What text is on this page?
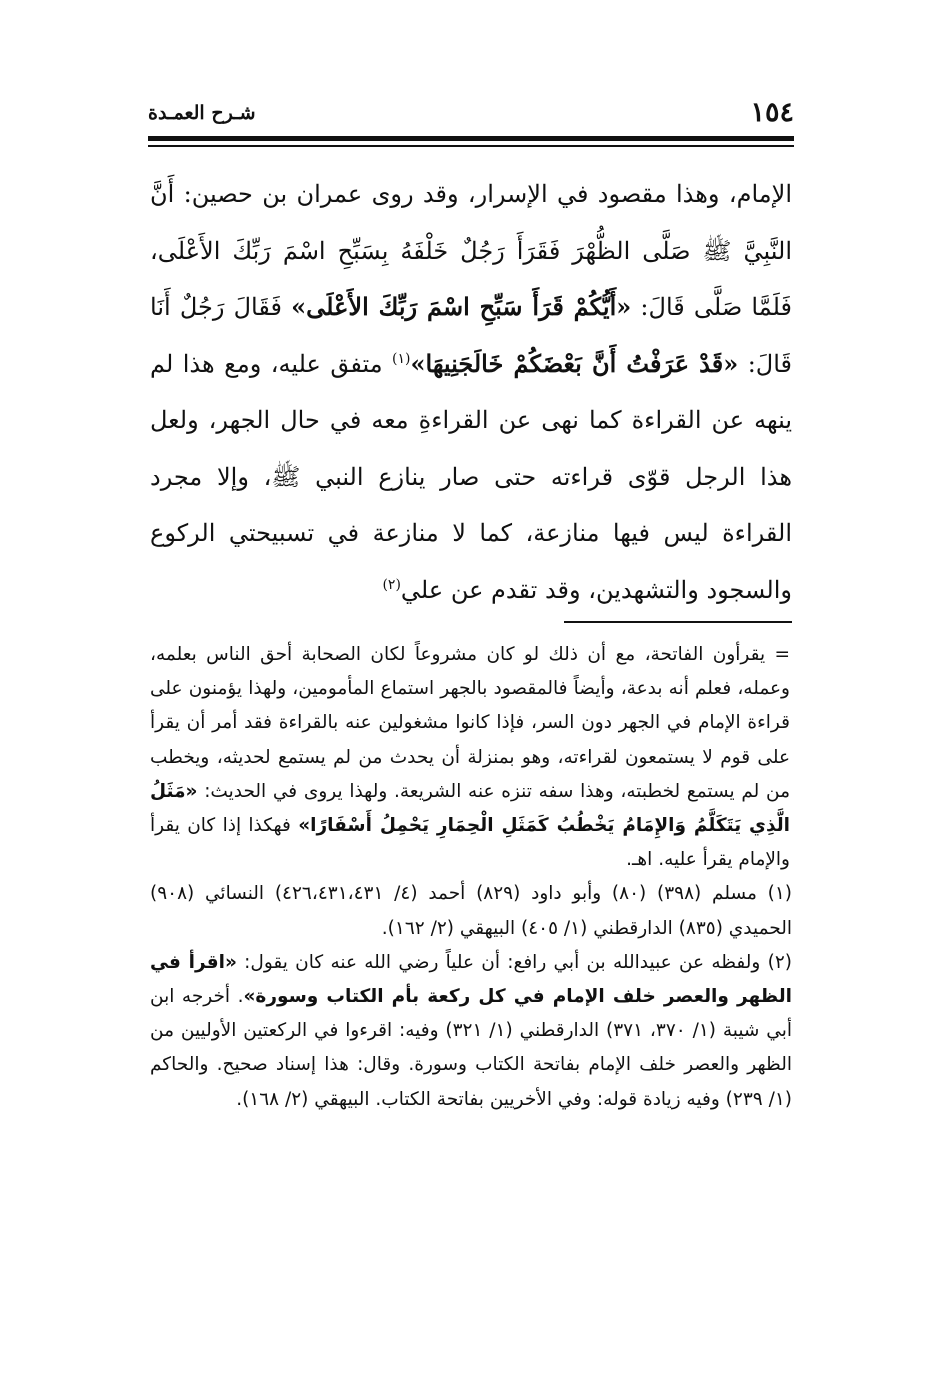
١٥٤
شـرح العمـدة

الإمام، وهذا مقصود في الإسرار، وقد روى عمران بن حصين: أَنَّ النَّبِيَّ ﷺ صَلَّى الظُّهْرَ فَقَرَأَ رَجُلٌ خَلْفَهُ بِسَبِّحِ اسْمَ رَبِّكَ الأَعْلَى، فَلَمَّا صَلَّى قَالَ: «أَيُّكُمْ قَرَأَ سَبِّحِ اسْمَ رَبِّكَ الأَعْلَى» فَقَالَ رَجُلٌ أَنَا قَالَ: «قَدْ عَرَفْتُ أَنَّ بَعْضَكُمْ خَالَجَنِيهَا»$^{(١)}$ متفق عليه، ومع هذا لم ينهه عن القراءة كما نهى عن القراءةِ معه في حال الجهر، ولعل هذا الرجل قوّى قراءته حتى صار ينازع النبي ﷺ، وإلا مجرد القراءة ليس فيها منازعة، كما لا منازعة في تسبيحتي الركوع والسجود والتشهدين، وقد تقدم عن علي$^{(٢)}$

= يقرأون الفاتحة، مع أن ذلك لو كان مشروعاً لكان الصحابة أحق الناس بعلمه، وعمله، فعلم أنه بدعة، وأيضاً فالمقصود بالجهر استماع المأمومين، ولهذا يؤمنون على قراءة الإمام في الجهر دون السر، فإذا كانوا مشغولين عنه بالقراءة فقد أمر أن يقرأ على قوم لا يستمعون لقراءته، وهو بمنزلة أن يحدث من لم يستمع لحديثه، ويخطب من لم يستمع لخطبته، وهذا سفه تنزه عنه الشريعة. ولهذا يروى في الحديث: «مَثَلُ الَّذِي يَتَكَلَّمُ وَالإِمَامُ يَخْطُبُ كَمَثَلِ الْحِمَارِ يَحْمِلُ أَسْفَارًا» فهكذا إذا كان يقرأ والإمام يقرأ عليه. اهـ.

(١) مسلم (٣٩٨) (٨٠) وأبو داود (٨٢٩) أحمد (٤/ ٤٢٦،٤٣١،٤٣١) النسائي (٩٠٨) الحميدي (٨٣٥) الدارقطني (١/ ٤٠٥) البيهقي (٢/ ١٦٢).

(٢) ولفظه عن عبيدالله بن أبي رافع: أن علياً رضي الله عنه كان يقول: «اقرأ في الظهر والعصر خلف الإمام في كل ركعة بأم الكتاب وسورة». أخرجه ابن أبي شيبة (١/ ٣٧٠، ٣٧١) الدارقطني (١/ ٣٢١) وفيه: اقرءوا في الركعتين الأوليين من الظهر والعصر خلف الإمام بفاتحة الكتاب وسورة. وقال: هذا إسناد صحيح. والحاكم (١/ ٢٣٩) وفيه زيادة قوله: وفي الأخريين بفاتحة الكتاب. البيهقي (٢/ ١٦٨).
